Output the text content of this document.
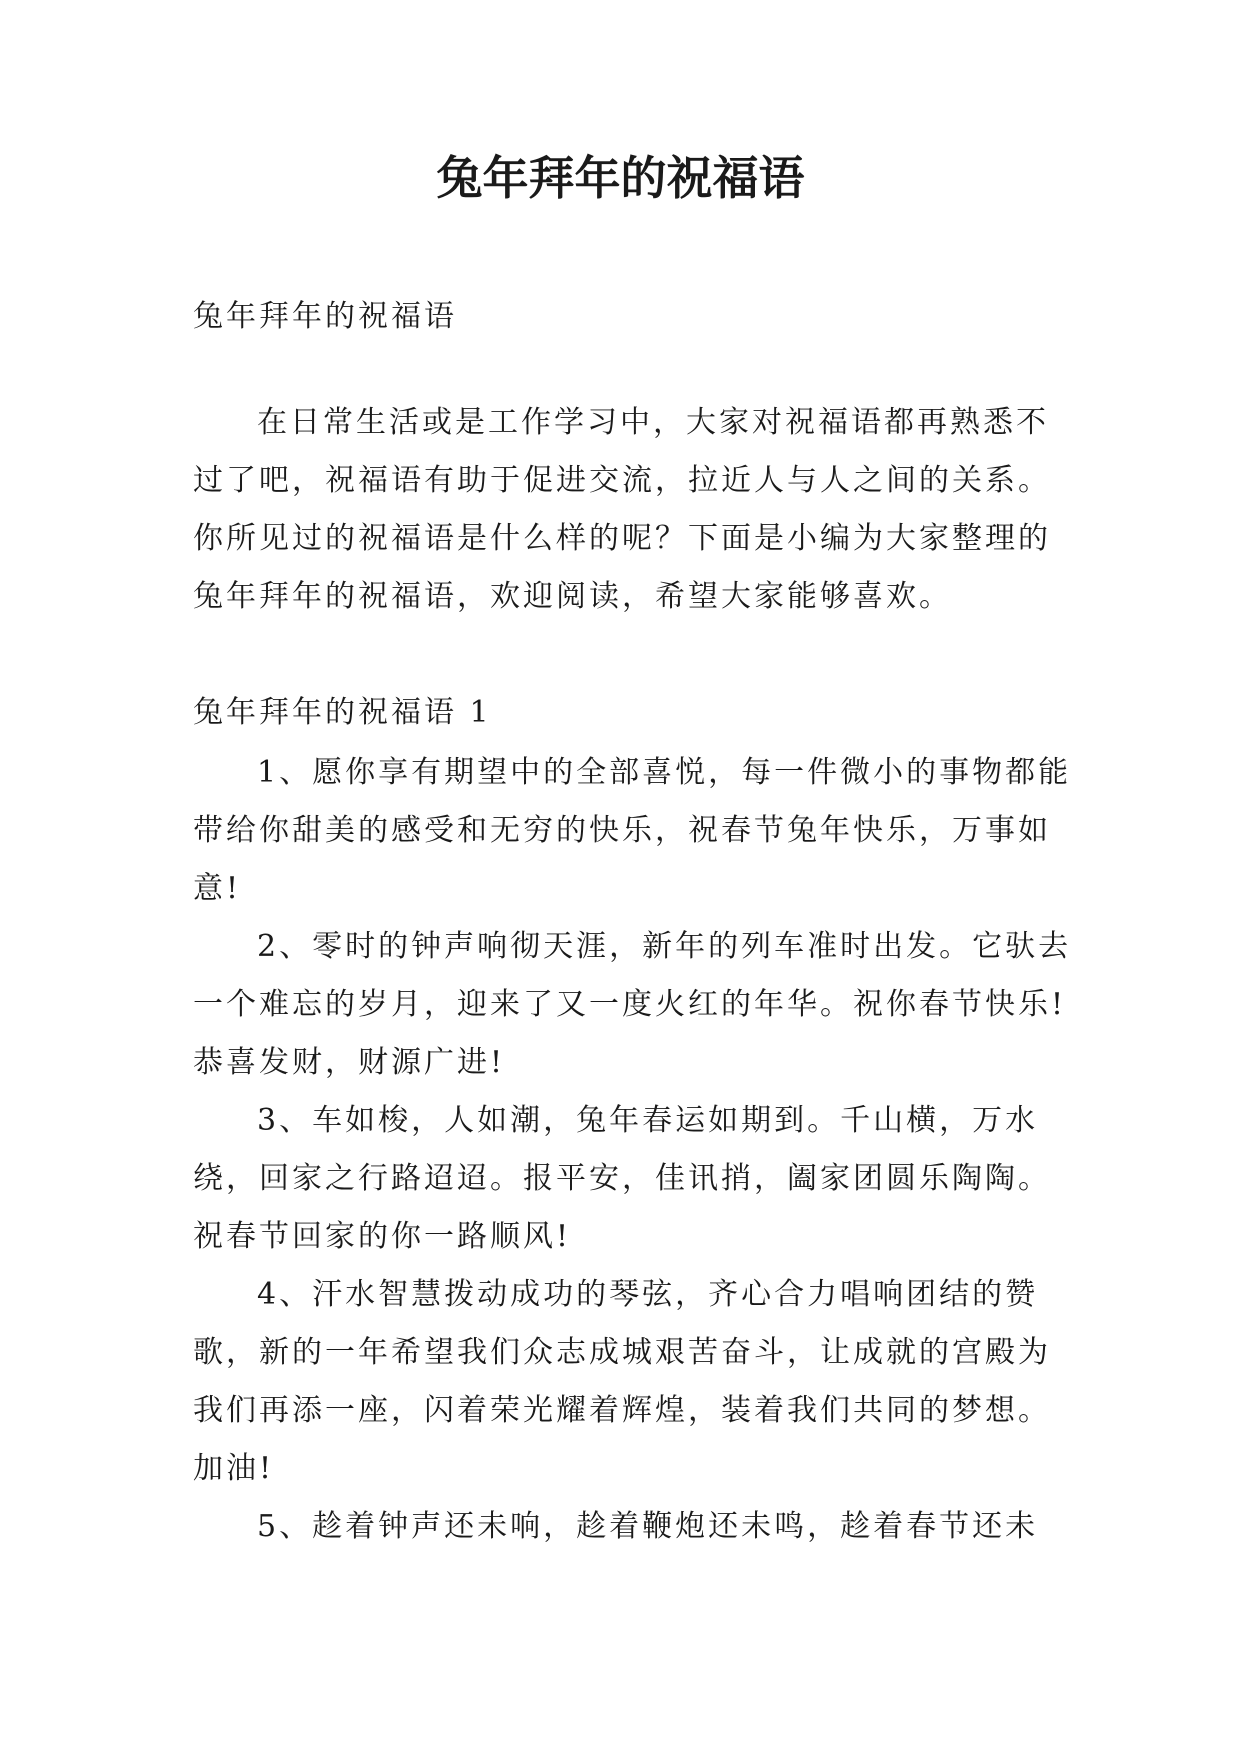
兔年拜年的祝福语

兔年拜年的祝福语

在日常生活或是工作学习中，大家对祝福语都再熟悉不过了吧，祝福语有助于促进交流，拉近人与人之间的关系。你所见过的祝福语是什么样的呢？下面是小编为大家整理的兔年拜年的祝福语，欢迎阅读，希望大家能够喜欢。

兔年拜年的祝福语 1

1、愿你享有期望中的全部喜悦，每一件微小的事物都能带给你甜美的感受和无穷的快乐，祝春节兔年快乐，万事如意!

2、零时的钟声响彻天涯，新年的列车准时出发。它驮去一个难忘的岁月，迎来了又一度火红的年华。祝你春节快乐!恭喜发财，财源广进!

3、车如梭，人如潮，兔年春运如期到。千山横，万水绕，回家之行路迢迢。报平安，佳讯捎，阖家团圆乐陶陶。祝春节回家的你一路顺风!

4、汗水智慧拨动成功的琴弦，齐心合力唱响团结的赞歌，新的一年希望我们众志成城艰苦奋斗，让成就的宫殿为我们再添一座，闪着荣光耀着辉煌，装着我们共同的梦想。加油!

5、趁着钟声还未响，趁着鞭炮还未鸣，趁着春节还未
